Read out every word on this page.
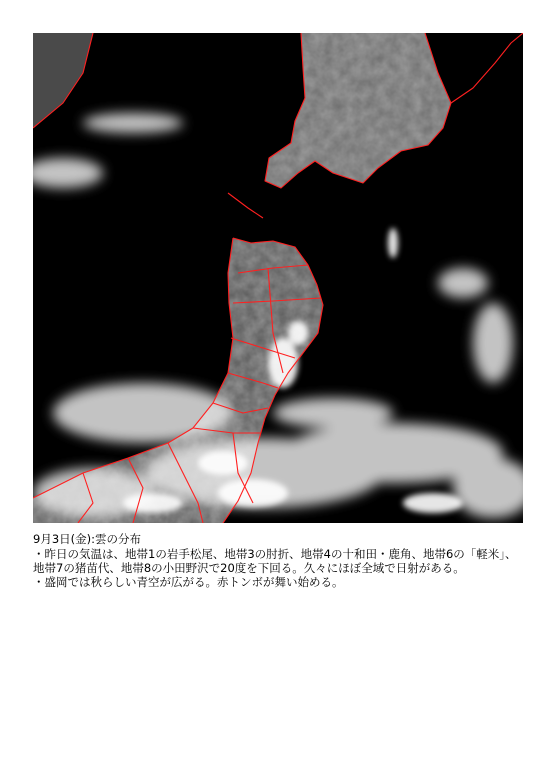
9月3日(金):雲の分布

・昨日の気温は、地帯1の岩手松尾、地帯3の肘折、地帯4の十和田・鹿角、地帯6の「軽米」、地帯7の猪苗代、地帯8の小田野沢で20度を下回る。久々にほぼ全域で日射がある。

・盛岡では秋らしい青空が広がる。赤トンボが舞い始める。
